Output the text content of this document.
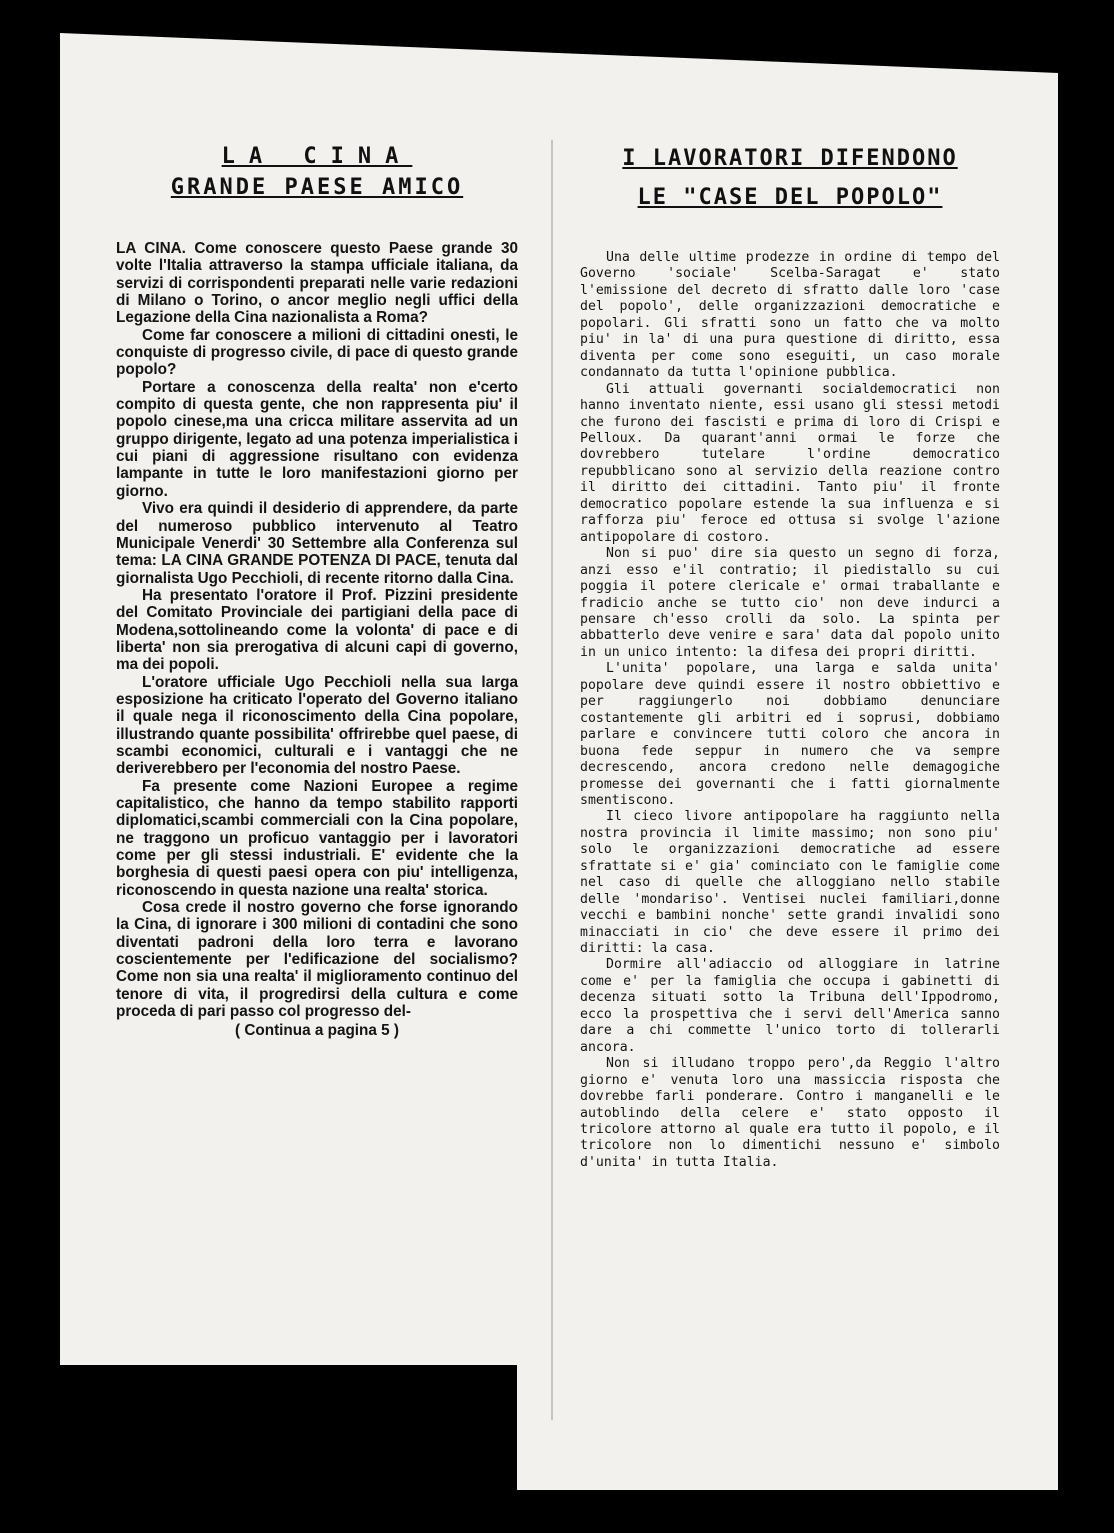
LA CINA
GRANDE PAESE AMICO

LA CINA. Come conoscere questo Paese grande 30 volte l'Italia attraverso la stampa ufficiale italiana, da servizi di corrispondenti preparati nelle varie redazioni di Milano o Torino, o ancor meglio negli uffici della Legazione della Cina nazionalista a Roma?

Come far conoscere a milioni di cittadini onesti, le conquiste di progresso civile, di pace di questo grande popolo?

Portare a conoscenza della realta' non e'certo compito di questa gente, che non rappresenta piu' il popolo cinese,ma una cricca militare asservita ad un gruppo dirigente, legato ad una potenza imperialistica i cui piani di aggressione risultano con evidenza lampante in tutte le loro manifestazioni giorno per giorno.

Vivo era quindi il desiderio di apprendere, da parte del numeroso pubblico intervenuto al Teatro Municipale Venerdi' 30 Settembre alla Conferenza sul tema: LA CINA GRANDE POTENZA DI PACE, tenuta dal giornalista Ugo Pecchioli, di recente ritorno dalla Cina.

Ha presentato l'oratore il Prof. Pizzini presidente del Comitato Provinciale dei partigiani della pace di Modena,sottolineando come la volonta' di pace e di liberta' non sia prerogativa di alcuni capi di governo, ma dei popoli.

L'oratore ufficiale Ugo Pecchioli nella sua larga esposizione ha criticato l'operato del Governo italiano il quale nega il riconoscimento della Cina popolare, illustrando quante possibilita' offrirebbe quel paese, di scambi economici, culturali e i vantaggi che ne deriverebbero per l'economia del nostro Paese.

Fa presente come Nazioni Europee a regime capitalistico, che hanno da tempo stabilito rapporti diplomatici,scambi commerciali con la Cina popolare, ne traggono un proficuo vantaggio per i lavoratori come per gli stessi industriali. E' evidente che la borghesia di questi paesi opera con piu' intelligenza, riconoscendo in questa nazione una realta' storica.

Cosa crede il nostro governo che forse ignorando la Cina, di ignorare i 300 milioni di contadini che sono diventati padroni della loro terra e lavorano coscientemente per l'edificazione del socialismo? Come non sia una realta' il miglioramento continuo del tenore di vita, il progredirsi della cultura e come proceda di pari passo col progresso del-

( Continua a pagina 5 )
I LAVORATORI DIFENDONO
LE "CASE DEL POPOLO"

Una delle ultime prodezze in ordine di tempo del Governo 'sociale' Scelba-Saragat e' stato l'emissione del decreto di sfratto dalle loro 'case del popolo', delle organizzazioni democratiche e popolari. Gli sfratti sono un fatto che va molto piu' in la' di una pura questione di diritto, essa diventa per come sono eseguiti, un caso morale condannato da tutta l'opinione pubblica.

Gli attuali governanti socialdemocratici non hanno inventato niente, essi usano gli stessi metodi che furono dei fascisti e prima di loro di Crispi e Pelloux. Da quarant'anni ormai le forze che dovrebbero tutelare l'ordine democratico repubblicano sono al servizio della reazione contro il diritto dei cittadini. Tanto piu' il fronte democratico popolare estende la sua influenza e si rafforza piu' feroce ed ottusa si svolge l'azione antipopolare di costoro.

Non si puo' dire sia questo un segno di forza, anzi esso e'il contratio; il piedistallo su cui poggia il potere clericale e' ormai traballante e fradicio anche se tutto cio' non deve indurci a pensare ch'esso crolli da solo. La spinta per abbatterlo deve venire e sara' data dal popolo unito in un unico intento: la difesa dei propri diritti.

L'unita' popolare, una larga e salda unita' popolare deve quindi essere il nostro obbiettivo e per raggiungerlo noi dobbiamo denunciare costantemente gli arbitri ed i soprusi, dobbiamo parlare e convincere tutti coloro che ancora in buona fede seppur in numero che va sempre decrescendo, ancora credono nelle demagogiche promesse dei governanti che i fatti giornalmente smentiscono.

Il cieco livore antipopolare ha raggiunto nella nostra provincia il limite massimo; non sono piu' solo le organizzazioni democratiche ad essere sfrattate si e' gia' cominciato con le famiglie come nel caso di quelle che alloggiano nello stabile delle 'mondariso'. Ventisei nuclei familiari,donne vecchi e bambini nonche' sette grandi invalidi sono minacciati in cio' che deve essere il primo dei diritti: la casa.

Dormire all'adiaccio od alloggiare in latrine come e' per la famiglia che occupa i gabinetti di decenza situati sotto la Tribuna dell'Ippodromo, ecco la prospettiva che i servi dell'America sanno dare a chi commette l'unico torto di tollerarli ancora.

Non si illudano troppo pero',da Reggio l'altro giorno e' venuta loro una massiccia risposta che dovrebbe farli ponderare. Contro i manganelli e le autoblindo della celere e' stato opposto il tricolore attorno al quale era tutto il popolo, e il tricolore non lo dimentichi nessuno e' simbolo d'unita' in tutta Italia.
